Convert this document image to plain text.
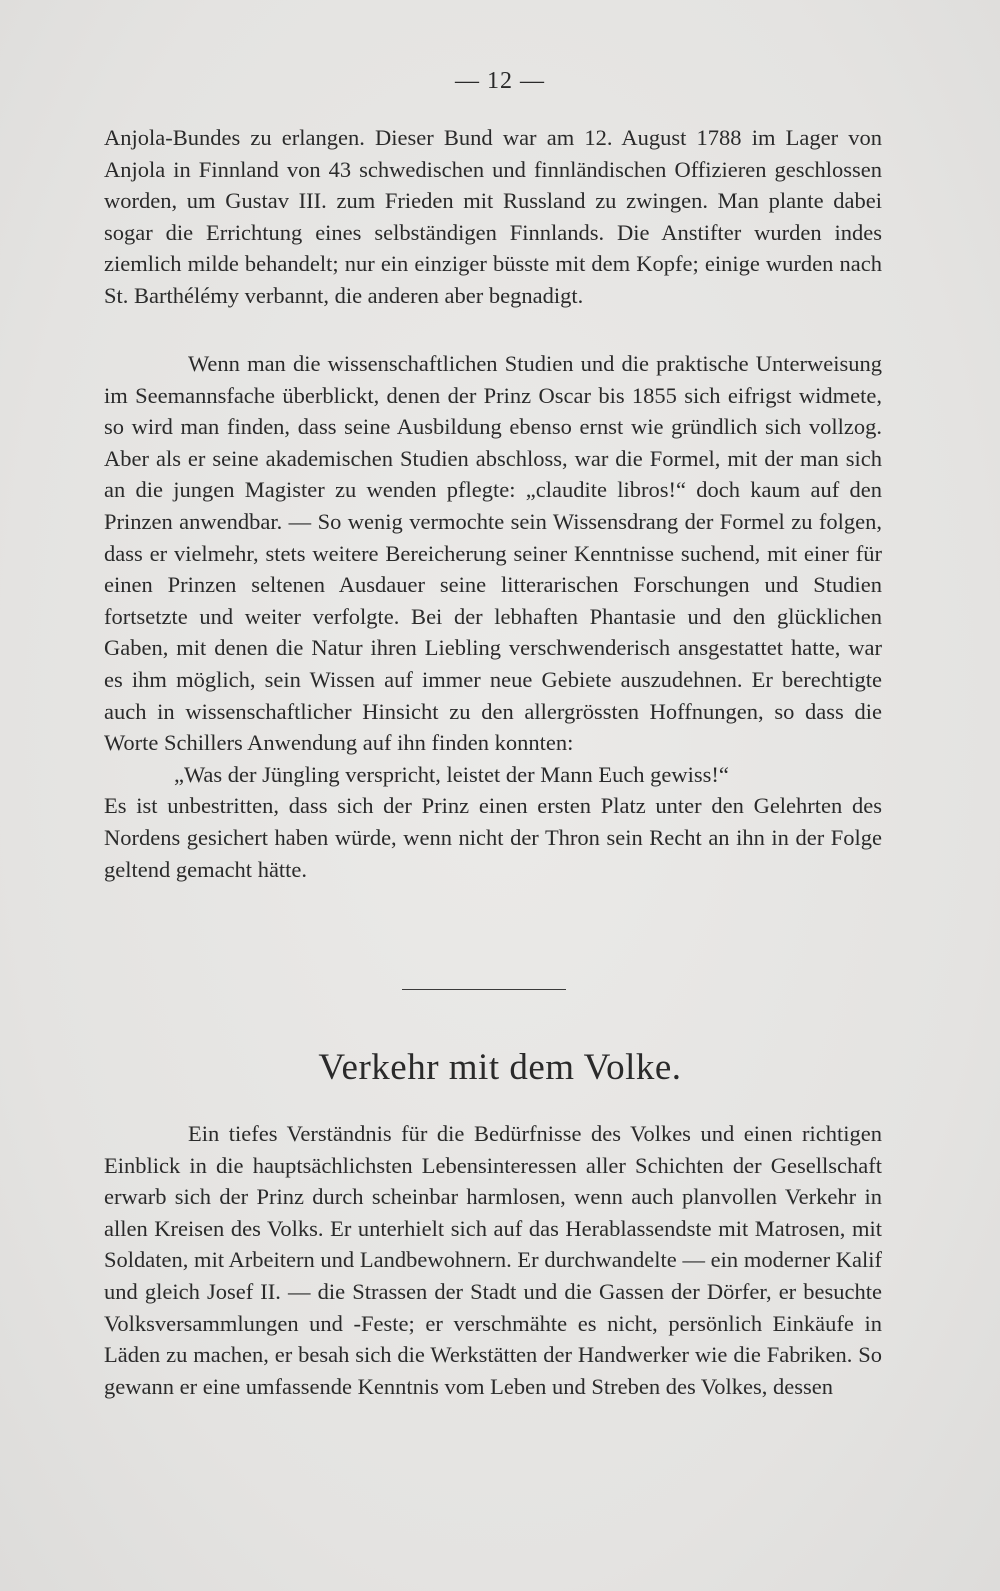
— 12 —

Anjola-Bundes zu erlangen. Dieser Bund war am 12. August 1788 im Lager von Anjola in Finnland von 43 schwedischen und finnländischen Offizieren geschlossen worden, um Gustav III. zum Frieden mit Russland zu zwingen. Man plante dabei sogar die Errichtung eines selbständigen Finnlands. Die Anstifter wurden indes ziemlich milde behandelt; nur ein einziger büsste mit dem Kopfe; einige wurden nach St. Barthélémy verbannt, die anderen aber begnadigt.

Wenn man die wissenschaftlichen Studien und die praktische Unterweisung im Seemannsfache überblickt, denen der Prinz Oscar bis 1855 sich eifrigst widmete, so wird man finden, dass seine Ausbildung ebenso ernst wie gründlich sich vollzog. Aber als er seine akademischen Studien abschloss, war die Formel, mit der man sich an die jungen Magister zu wenden pflegte: „claudite libros!“ doch kaum auf den Prinzen anwendbar. — So wenig vermochte sein Wissensdrang der Formel zu folgen, dass er vielmehr, stets weitere Bereicherung seiner Kenntnisse suchend, mit einer für einen Prinzen seltenen Ausdauer seine litterarischen Forschungen und Studien fortsetzte und weiter verfolgte. Bei der lebhaften Phantasie und den glücklichen Gaben, mit denen die Natur ihren Liebling verschwenderisch ansgestattet hatte, war es ihm möglich, sein Wissen auf immer neue Gebiete auszudehnen. Er berechtigte auch in wissenschaftlicher Hinsicht zu den allergrössten Hoffnungen, so dass die Worte Schillers Anwendung auf ihn finden konnten:

„Was der Jüngling verspricht, leistet der Mann Euch gewiss!“

Es ist unbestritten, dass sich der Prinz einen ersten Platz unter den Gelehrten des Nordens gesichert haben würde, wenn nicht der Thron sein Recht an ihn in der Folge geltend gemacht hätte.

Verkehr mit dem Volke.

Ein tiefes Verständnis für die Bedürfnisse des Volkes und einen richtigen Einblick in die hauptsächlichsten Lebensinteressen aller Schichten der Gesellschaft erwarb sich der Prinz durch scheinbar harmlosen, wenn auch planvollen Verkehr in allen Kreisen des Volks. Er unterhielt sich auf das Herablassendste mit Matrosen, mit Soldaten, mit Arbeitern und Landbewohnern. Er durchwandelte — ein moderner Kalif und gleich Josef II. — die Strassen der Stadt und die Gassen der Dörfer, er besuchte Volksversammlungen und -Feste; er verschmähte es nicht, persönlich Einkäufe in Läden zu machen, er besah sich die Werkstätten der Handwerker wie die Fabriken. So gewann er eine umfassende Kenntnis vom Leben und Streben des Volkes, dessen
